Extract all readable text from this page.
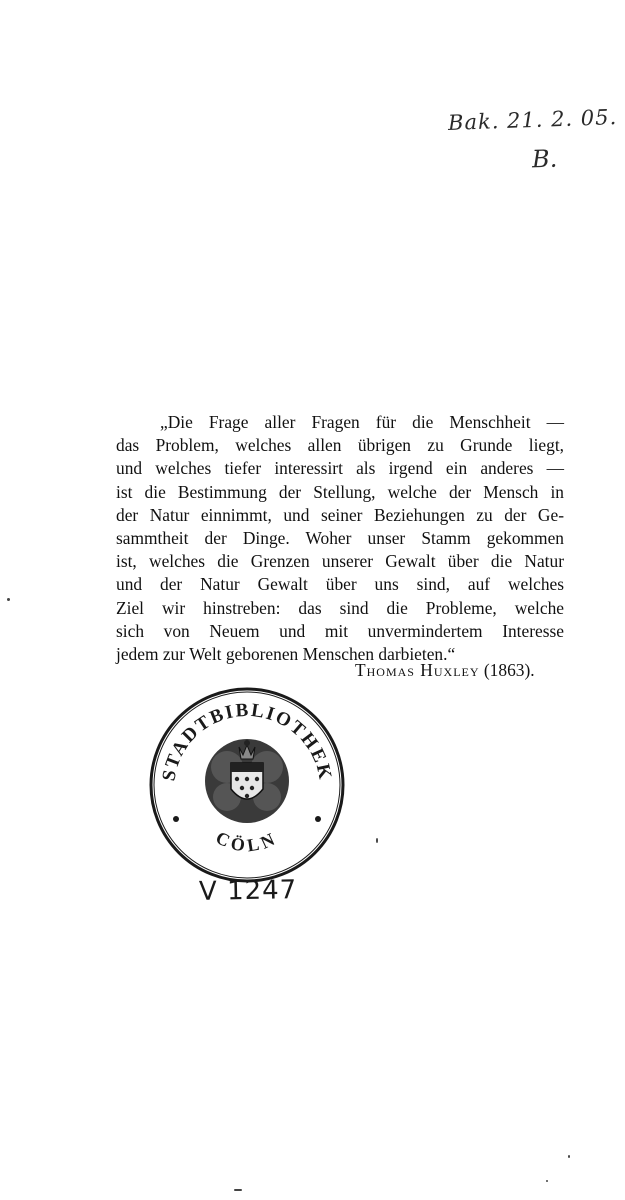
Bak. 21. 2. 05.
B.
„Die Frage aller Fragen für die Menschheit —
das Problem, welches allen übrigen zu Grunde liegt,
und welches tiefer interessirt als irgend ein anderes —
ist die Bestimmung der Stellung, welche der Mensch in
der Natur einnimmt, und seiner Beziehungen zu der Ge-
sammtheit der Dinge. Woher unser Stamm gekommen
ist, welches die Grenzen unserer Gewalt über die Natur
und der Natur Gewalt über uns sind, auf welches
Ziel wir hinstreben: das sind die Probleme, welche
sich von Neuem und mit unvermindertem Interesse
jedem zur Welt geborenen Menschen darbieten.“
Thomas Huxley (1863).
STADTBIBLIOTHEK
CÖLN
V 1247
